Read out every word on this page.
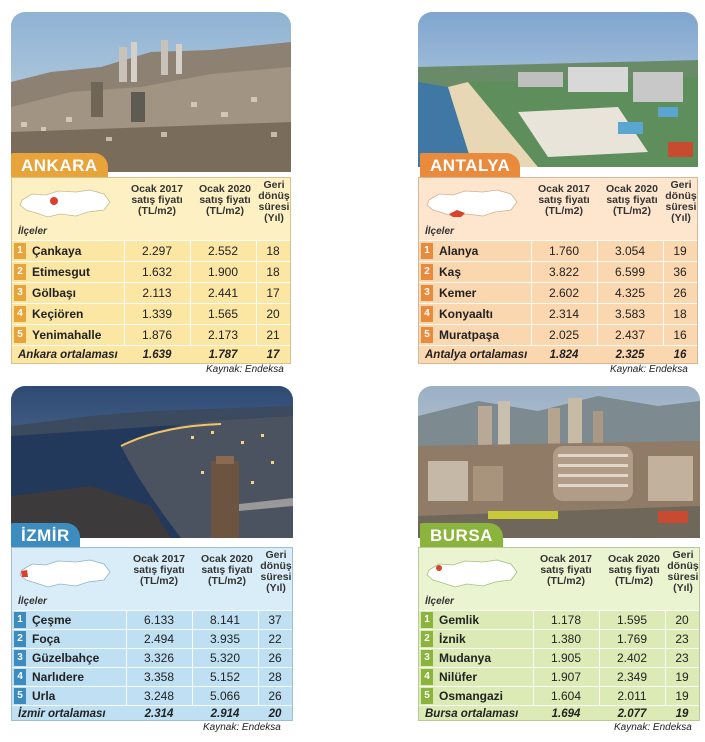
ANKARA
İlçeler
Ocak 2017
satış fiyatı
(TL/m2)
Ocak 2020
satış fiyatı
(TL/m2)
Geri
dönüş
süresi
(Yıl)
1 Çankaya	2.297	2.552	18
2 Etimesgut	1.632	1.900	18
3 Gölbaşı	2.113	2.441	17
4 Keçiören	1.339	1.565	20
5 Yenimahalle	1.876	2.173	21
Ankara ortalaması	1.639	1.787	17
Kaynak: Endeksa
ANTALYA
İlçeler
Ocak 2017
satış fiyatı
(TL/m2)
Ocak 2020
satış fiyatı
(TL/m2)
Geri
dönüş
süresi
(Yıl)
1 Alanya	1.760	3.054	19
2 Kaş	3.822	6.599	36
3 Kemer	2.602	4.325	26
4 Konyaaltı	2.314	3.583	18
5 Muratpaşa	2.025	2.437	16
Antalya ortalaması	1.824	2.325	16
Kaynak: Endeksa
İZMİR
İlçeler
Ocak 2017
satış fiyatı
(TL/m2)
Ocak 2020
satış fiyatı
(TL/m2)
Geri
dönüş
süresi
(Yıl)
1 Çeşme	6.133	8.141	37
2 Foça	2.494	3.935	22
3 Güzelbahçe	3.326	5.320	26
4 Narlıdere	3.358	5.152	28
5 Urla	3.248	5.066	26
İzmir ortalaması	2.314	2.914	20
Kaynak: Endeksa
BURSA
İlçeler
Ocak 2017
satış fiyatı
(TL/m2)
Ocak 2020
satış fiyatı
(TL/m2)
Geri
dönüş
süresi
(Yıl)
1 Gemlik	1.178	1.595	20
2 İznik	1.380	1.769	23
3 Mudanya	1.905	2.402	23
4 Nilüfer	1.907	2.349	19
5 Osmangazi	1.604	2.011	19
Bursa ortalaması	1.694	2.077	19
Kaynak: Endeksa
